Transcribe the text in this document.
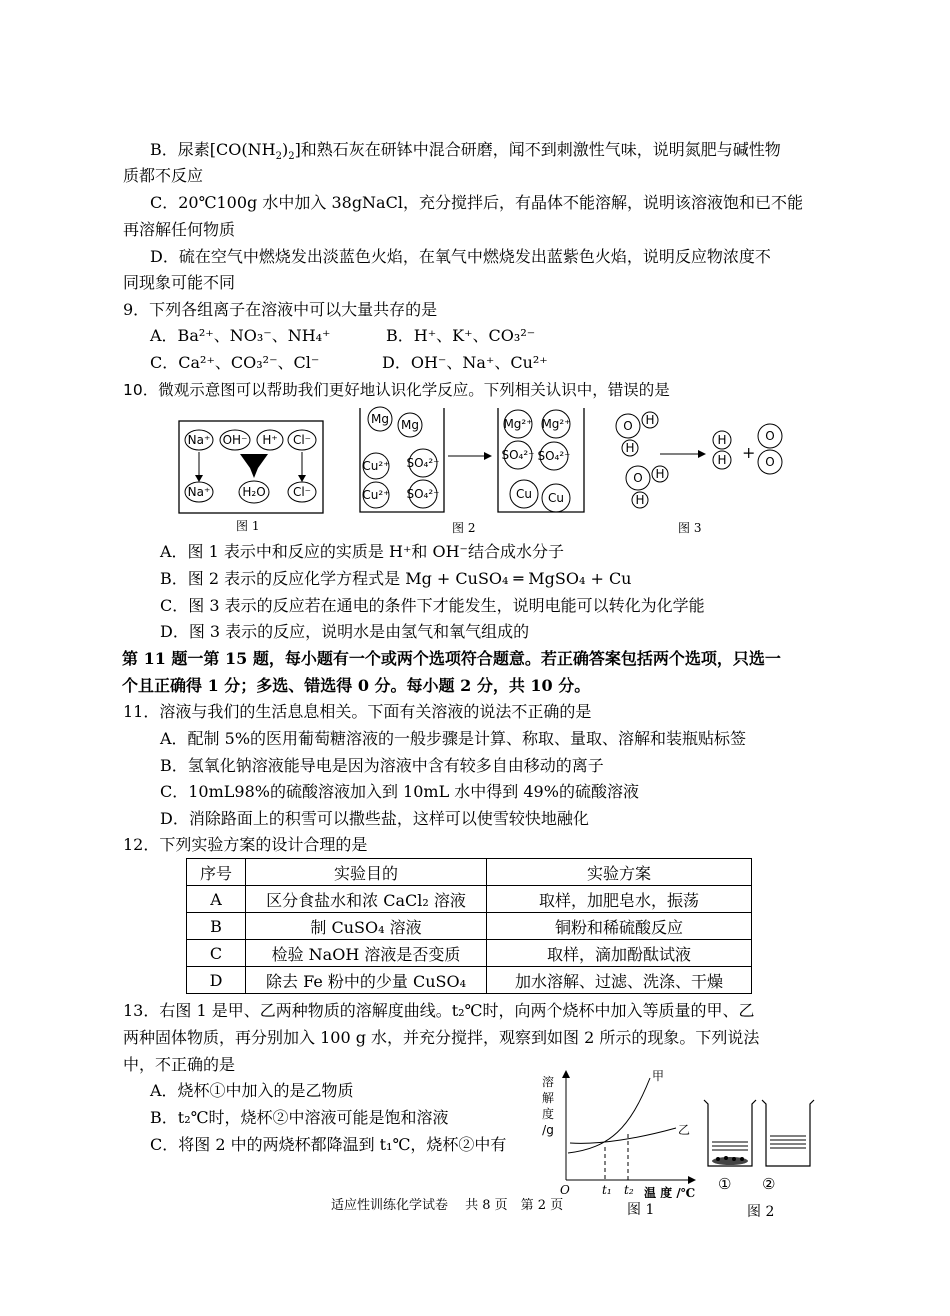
B．尿素$[CO(NH_2)_2]$和熟石灰在研钵中混合研磨，闻不到刺激性气味，说明氮肥与碱性物
质都不反应
C．20℃100g 水中加入 38gNaCl，充分搅拌后，有晶体不能溶解，说明该溶液饱和已不能
再溶解任何物质
D．硫在空气中燃烧发出淡蓝色火焰，在氧气中燃烧发出蓝紫色火焰，说明反应物浓度不
同现象可能不同
9．下列各组离子在溶液中可以大量共存的是
A．Ba²⁺、NO₃⁻、NH₄⁺	B．H⁺、K⁺、CO₃²⁻
C．Ca²⁺、CO₃²⁻、Cl⁻	D．OH⁻、Na⁺、Cu²⁺
10．微观示意图可以帮助我们更好地认识化学反应。下列相关认识中，错误的是
Na⁺ OH⁻ H⁺ Cl⁻
Na⁺	H₂O Cl⁻
图 1
Mg Mg
Cu²⁺ SO₄²⁻
Cu²⁺ SO₄²⁻
Mg²⁺ Mg²⁺
SO₄²⁻ SO₄²⁻
Cu Cu
图 2
O H
H
O H
H
H
H +
O
O
图 3
A．图 1 表示中和反应的实质是 H⁺和 OH⁻结合成水分子
B．图 2 表示的反应化学方程式是 Mg + CuSO₄ ═ MgSO₄ + Cu
C．图 3 表示的反应若在通电的条件下才能发生，说明电能可以转化为化学能
D．图 3 表示的反应，说明水是由氢气和氧气组成的
第 11 题一第 15 题，每小题有一个或两个选项符合题意。若正确答案包括两个选项，只选一
个且正确得 1 分；多选、错选得 0 分。每小题 2 分，共 10 分。
11．溶液与我们的生活息息相关。下面有关溶液的说法不正确的是
A．配制 5%的医用葡萄糖溶液的一般步骤是计算、称取、量取、溶解和装瓶贴标签
B．氢氧化钠溶液能导电是因为溶液中含有较多自由移动的离子
C．10mL98%的硫酸溶液加入到 10mL 水中得到 49%的硫酸溶液
D．消除路面上的积雪可以撒些盐，这样可以使雪较快地融化
12．下列实验方案的设计合理的是
序号	实验目的	实验方案
A	区分食盐水和浓 CaCl₂ 溶液	取样，加肥皂水，振荡
B	制 CuSO₄ 溶液	铜粉和稀硫酸反应
C	检验 NaOH 溶液是否变质	取样，滴加酚酞试液
D	除去 Fe 粉中的少量 CuSO₄	加水溶解、过滤、洗涤、干燥
13．右图 1 是甲、乙两种物质的溶解度曲线。t₂℃时，向两个烧杯中加入等质量的甲、乙
两种固体物质，再分别加入 100 g 水，并充分搅拌，观察到如图 2 所示的现象。下列说法
中，不正确的是
A．烧杯①中加入的是乙物质
B．t₂℃时，烧杯②中溶液可能是饱和溶液
C．将图 2 中的两烧杯都降温到 t₁℃，烧杯②中有
溶
解
度
/g
甲
乙
O	t₁ t₂ 温 度 /℃
图 1
① ②
图 2
适应性训练化学试卷　 共 8 页　第 2 页
